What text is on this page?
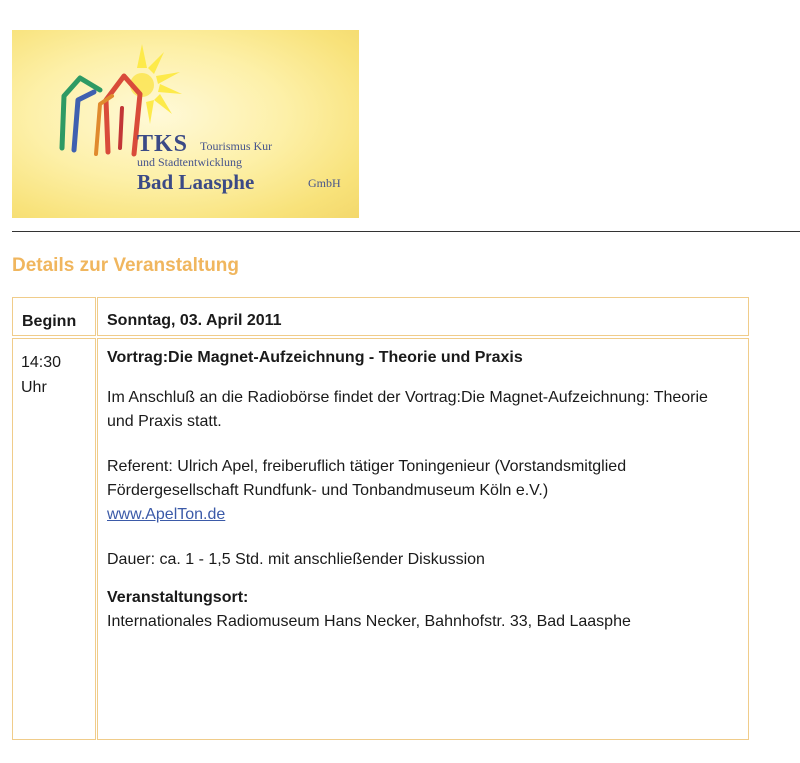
TKS Tourismus Kur
und Stadtentwicklung
Bad Laasphe	GmbH
Details zur Veranstaltung
Beginn Sonntag, 03. April 2011
14:30
Uhr

Vortrag:Die Magnet-Aufzeichnung - Theorie und Praxis

Im Anschluß an die Radiobörse findet der Vortrag:Die Magnet-Aufzeichnung: Theorie und Praxis statt.

Referent: Ulrich Apel, freiberuflich tätiger Toningenieur (Vorstandsmitglied Fördergesellschaft Rundfunk- und Tonbandmuseum Köln e.V.)

www.ApelTon.de

Dauer: ca. 1 - 1,5 Std. mit anschließender Diskussion

Veranstaltungsort:

Internationales Radiomuseum Hans Necker, Bahnhofstr. 33, Bad Laasphe
